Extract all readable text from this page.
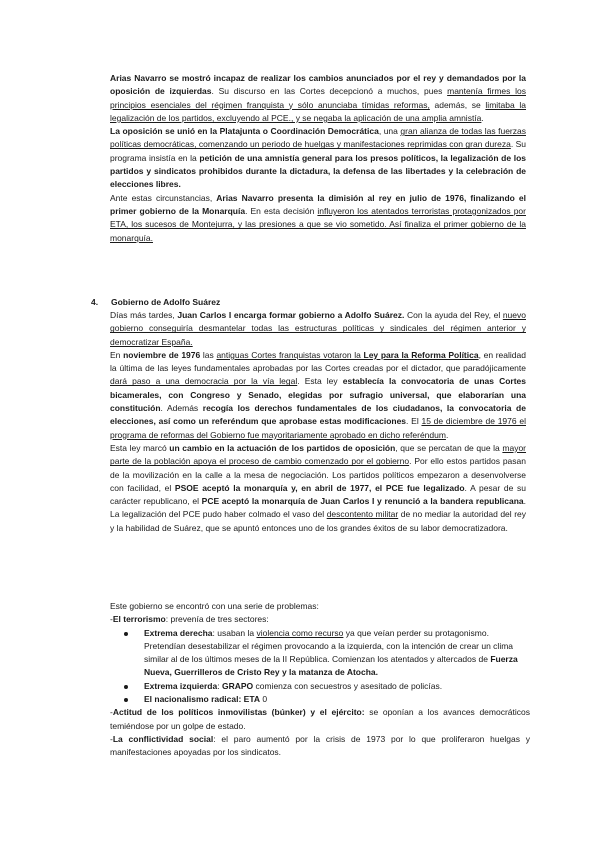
Arias Navarro se mostró incapaz de realizar los cambios anunciados por el rey y demandados por la oposición de izquierdas. Su discurso en las Cortes decepcionó a muchos, pues mantenía firmes los principios esenciales del régimen franquista y sólo anunciaba tímidas reformas, además, se limitaba la legalización de los partidos, excluyendo al PCE., y se negaba la aplicación de una amplia amnistía.

La oposición se unió en la Platajunta o Coordinación Democrática, una gran alianza de todas las fuerzas políticas democráticas, comenzando un periodo de huelgas y manifestaciones reprimidas con gran dureza. Su programa insistía en la petición de una amnistía general para los presos políticos, la legalización de los partidos y sindicatos prohibidos durante la dictadura, la defensa de las libertades y la celebración de elecciones libres.

Ante estas circunstancias, Arias Navarro presenta la dimisión al rey en julio de 1976, finalizando el primer gobierno de la Monarquía. En esta decisión influyeron los atentados terroristas protagonizados por ETA, los sucesos de Montejurra, y las presiones a que se vio sometido. Así finaliza el primer gobierno de la monarquía.

4. Gobierno de Adolfo Suárez

Días más tardes, Juan Carlos I encarga formar gobierno a Adolfo Suárez. Con la ayuda del Rey, el nuevo gobierno conseguiría desmantelar todas las estructuras políticas y sindicales del régimen anterior y democratizar España.

En noviembre de 1976 las antiguas Cortes franquistas votaron la Ley para la Reforma Política, en realidad la última de las leyes fundamentales aprobadas por las Cortes creadas por el dictador, que paradójicamente dará paso a una democracia por la vía legal. Esta ley establecía la convocatoria de unas Cortes bicamerales, con Congreso y Senado, elegidas por sufragio universal, que elaborarían una constitución. Además recogía los derechos fundamentales de los ciudadanos, la convocatoria de elecciones, así como un referéndum que aprobase estas modificaciones. El 15 de diciembre de 1976 el programa de reformas del Gobierno fue mayoritariamente aprobado en dicho referéndum.

Esta ley marcó un cambio en la actuación de los partidos de oposición, que se percatan de que la mayor parte de la población apoya el proceso de cambio comenzado por el gobierno. Por ello estos partidos pasan de la movilización en la calle a la mesa de negociación. Los partidos políticos empezaron a desenvolverse con facilidad, el PSOE aceptó la monarquía y, en abril de 1977, el PCE fue legalizado. A pesar de su carácter republicano, el PCE aceptó la monarquía de Juan Carlos I y renunció a la bandera republicana. La legalización del PCE pudo haber colmado el vaso del descontento militar de no mediar la autoridad del rey y la habilidad de Suárez, que se apuntó entonces uno de los grandes éxitos de su labor democratizadora.

Este gobierno se encontró con una serie de problemas:

-El terrorismo: prevenía de tres sectores:

Extrema derecha: usaban la violencia como recurso ya que veían perder su protagonismo. Pretendían desestabilizar el régimen provocando a la izquierda, con la intención de crear un clima similar al de los últimos meses de la II República. Comienzan los atentados y altercados de Fuerza Nueva, Guerrilleros de Cristo Rey y la matanza de Atocha.
Extrema izquierda: GRAPO comienza con secuestros y asesitado de policías.
El nacionalismo radical: ETA 0

-Actitud de los políticos inmovilistas (búnker) y el ejército: se oponían a los avances democráticos temiéndose por un golpe de estado.

-La conflictividad social: el paro aumentó por la crisis de 1973 por lo que proliferaron huelgas y manifestaciones apoyadas por los sindicatos.
